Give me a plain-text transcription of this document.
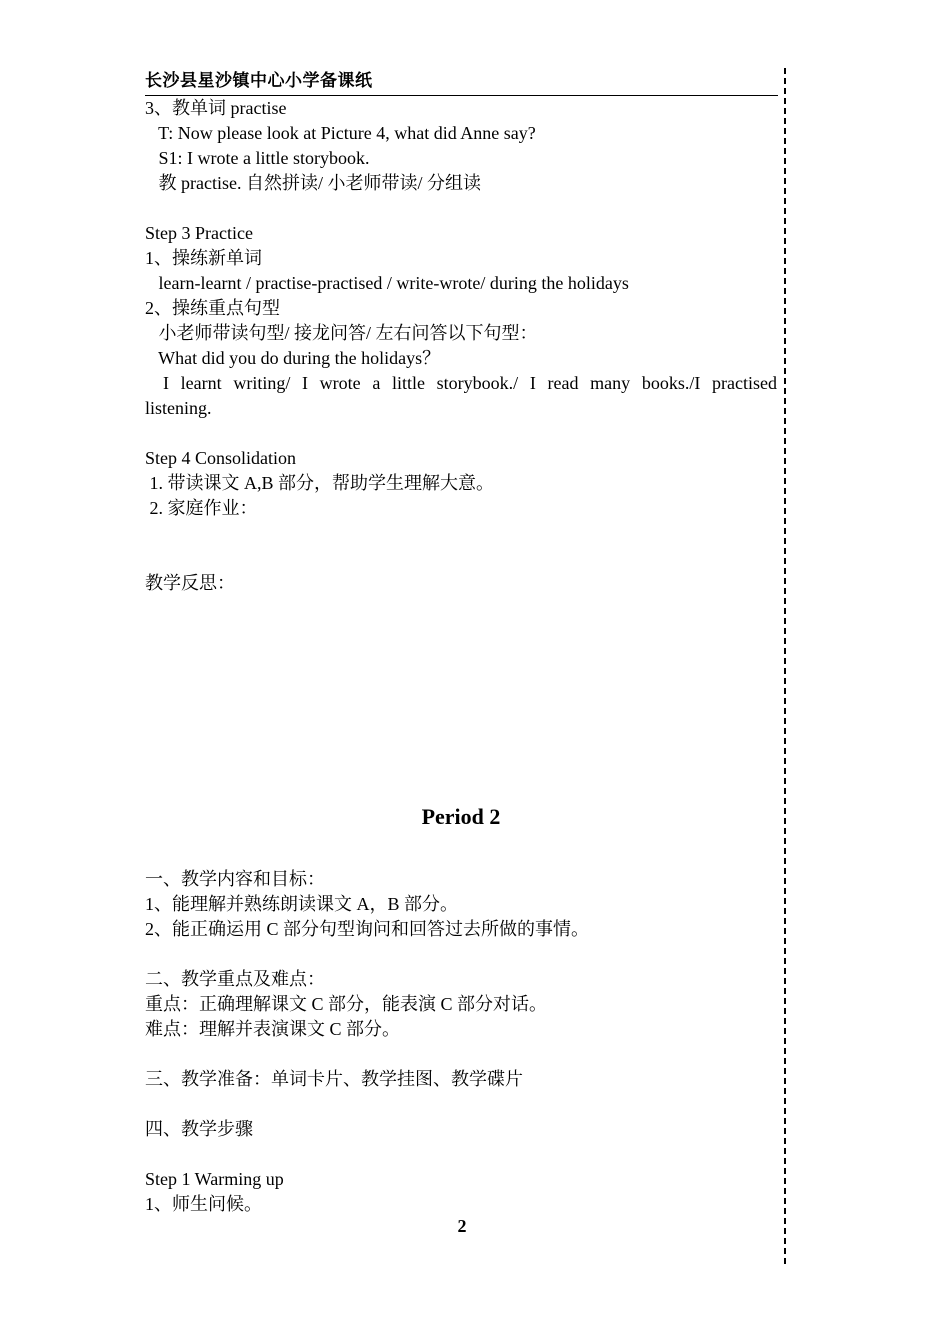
长沙县星沙镇中心小学备课纸
3、教单词 practise
T: Now please look at Picture 4, what did Anne say?
S1: I wrote a little storybook.
教 practise. 自然拼读/ 小老师带读/ 分组读
Step 3 Practice
1、操练新单词
learn-learnt / practise-practised / write-wrote/ during the holidays
2、操练重点句型
小老师带读句型/ 接龙问答/ 左右问答以下句型：
What did you do during the holidays？
I learnt writing/ I wrote a little storybook./ I read many books./I practised
listening.
Step 4 Consolidation
1. 带读课文 A,B 部分，帮助学生理解大意。
2. 家庭作业：
教学反思：
Period 2
一、教学内容和目标：
1、能理解并熟练朗读课文 A，B 部分。
2、能正确运用 C 部分句型询问和回答过去所做的事情。
二、教学重点及难点：
重点：正确理解课文 C 部分，能表演 C 部分对话。
难点：理解并表演课文 C 部分。
三、教学准备：单词卡片、教学挂图、教学碟片
四、教学步骤
Step 1 Warming up
1、师生问候。
2
